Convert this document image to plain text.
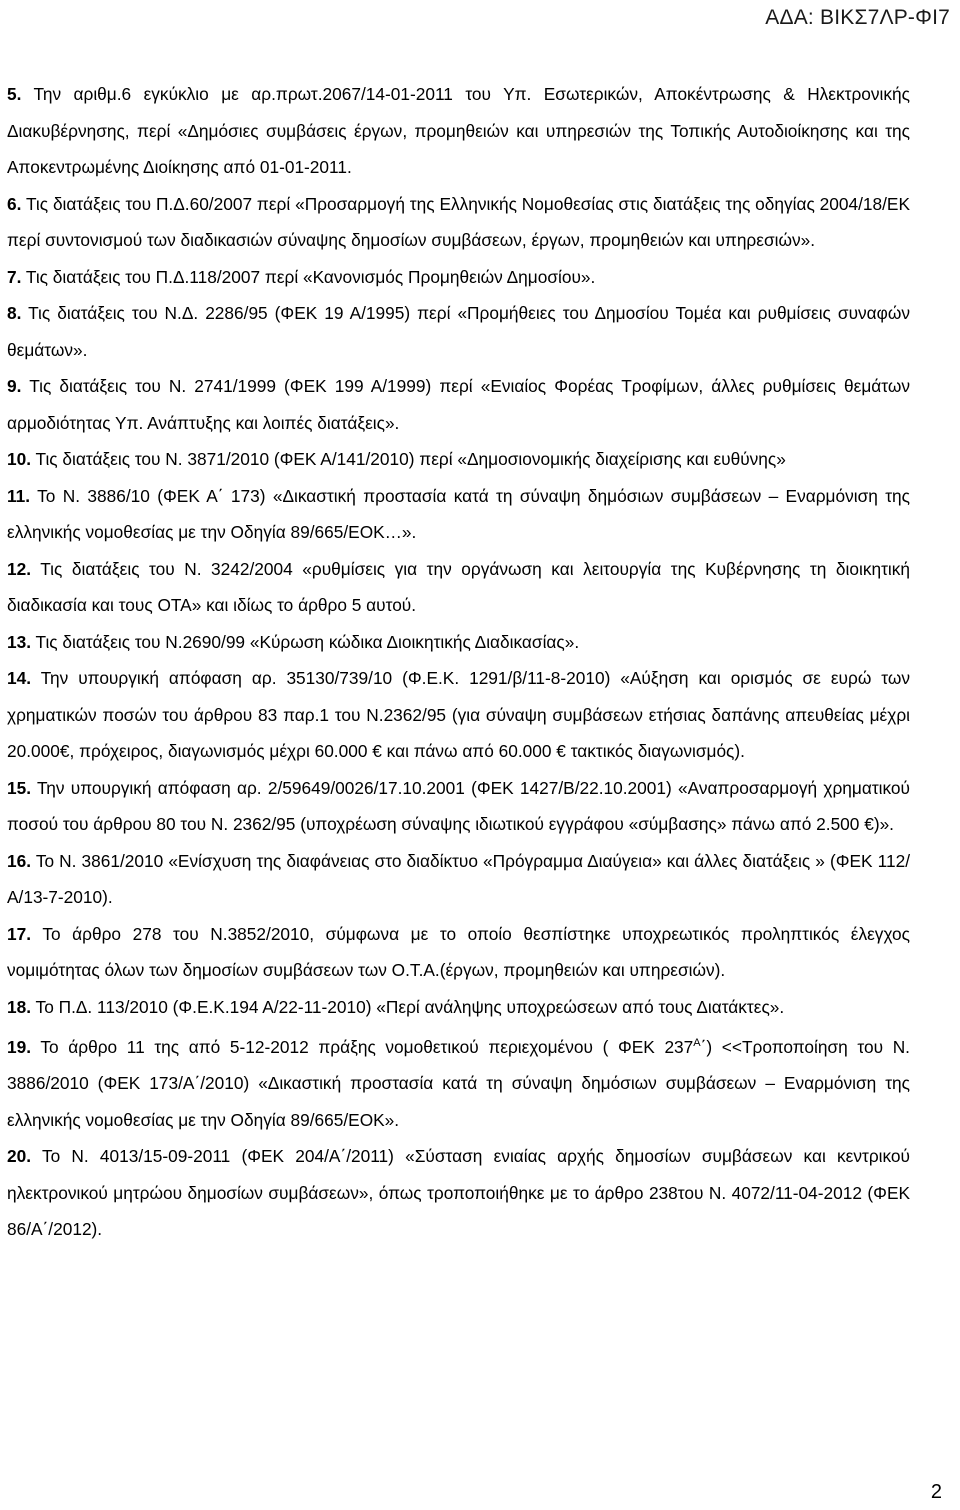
ΑΔΑ: ΒΙΚΣ7ΛΡ-ΦΙ7

5. Την αριθμ.6 εγκύκλιο με αρ.πρωτ.2067/14-01-2011 του Υπ. Εσωτερικών, Αποκέντρωσης & Ηλεκτρονικής Διακυβέρνησης, περί «Δημόσιες συμβάσεις έργων, προμηθειών και υπηρεσιών της Τοπικής Αυτοδιοίκησης και της Αποκεντρωμένης Διοίκησης από 01-01-2011.

6. Τις διατάξεις του Π.Δ.60/2007 περί «Προσαρμογή της Ελληνικής Νομοθεσίας στις διατάξεις της οδηγίας 2004/18/ΕΚ περί συντονισμού των διαδικασιών σύναψης δημοσίων συμβάσεων, έργων, προμηθειών και υπηρεσιών».

7. Τις διατάξεις του Π.Δ.118/2007 περί «Κανονισμός Προμηθειών Δημοσίου».

8. Τις διατάξεις του Ν.Δ. 2286/95 (ΦΕΚ 19 Α/1995) περί «Προμήθειες του Δημοσίου Τομέα και ρυθμίσεις συναφών θεμάτων».

9. Τις διατάξεις του Ν. 2741/1999 (ΦΕΚ 199 Α/1999) περί «Ενιαίος Φορέας Τροφίμων, άλλες ρυθμίσεις θεμάτων αρμοδιότητας Υπ. Ανάπτυξης και λοιπές διατάξεις».

10. Τις διατάξεις του Ν. 3871/2010 (ΦΕΚ Α/141/2010) περί «Δημοσιονομικής διαχείρισης και ευθύνης»

11. Το Ν. 3886/10 (ΦΕΚ Α΄ 173) «Δικαστική προστασία κατά τη σύναψη δημόσιων συμβάσεων – Εναρμόνιση της ελληνικής νομοθεσίας με την Οδηγία 89/665/ΕΟΚ…».

12. Τις διατάξεις του Ν. 3242/2004 «ρυθμίσεις για την οργάνωση και λειτουργία της Κυβέρνησης τη διοικητική διαδικασία και τους ΟΤΑ» και ιδίως το άρθρο 5 αυτού.

13. Τις διατάξεις του Ν.2690/99 «Κύρωση κώδικα Διοικητικής Διαδικασίας».

14. Την υπουργική απόφαση αρ. 35130/739/10 (Φ.Ε.Κ. 1291/β/11-8-2010) «Αύξηση και ορισμός σε ευρώ των χρηματικών ποσών του άρθρου 83 παρ.1 του Ν.2362/95 (για σύναψη συμβάσεων ετήσιας δαπάνης απευθείας μέχρι 20.000€, πρόχειρος, διαγωνισμός μέχρι 60.000 € και πάνω από 60.000 € τακτικός διαγωνισμός).

15. Την υπουργική απόφαση αρ. 2/59649/0026/17.10.2001 (ΦΕΚ 1427/Β/22.10.2001) «Αναπροσαρμογή χρηματικού ποσού του άρθρου 80 του Ν. 2362/95 (υποχρέωση σύναψης ιδιωτικού εγγράφου «σύμβασης» πάνω από 2.500 €)».

16. Το Ν. 3861/2010 «Ενίσχυση της διαφάνειας στο διαδίκτυο «Πρόγραμμα Διαύγεια» και άλλες διατάξεις » (ΦΕΚ 112/Α/13-7-2010).

17. Το άρθρο 278 του Ν.3852/2010, σύμφωνα με το οποίο θεσπίστηκε υποχρεωτικός προληπτικός έλεγχος νομιμότητας όλων των δημοσίων συμβάσεων των Ο.Τ.Α.(έργων, προμηθειών και υπηρεσιών).

18. Το Π.Δ. 113/2010 (Φ.Ε.Κ.194 Α/22-11-2010) «Περί ανάληψης υποχρεώσεων από τους Διατάκτες».

19. Το άρθρο 11 της από 5-12-2012 πράξης νομοθετικού περιεχομένου ( ΦΕΚ $237^A΄) <<T\rho o\pi o\pi oί\eta\sigma\eta$ του Ν. 3886/2010 (ΦΕΚ 173/Α΄/2010) «Δικαστική προστασία κατά τη σύναψη δημόσιων συμβάσεων – Εναρμόνιση της ελληνικής νομοθεσίας με την Οδηγία 89/665/ΕΟΚ».

20. Το Ν. 4013/15-09-2011 (ΦΕΚ 204/Α΄/2011) «Σύσταση ενιαίας αρχής δημοσίων συμβάσεων και κεντρικού ηλεκτρονικού μητρώου δημοσίων συμβάσεων», όπως τροποποιήθηκε με το άρθρο 238του Ν. 4072/11-04-2012 (ΦΕΚ 86/Α΄/2012).

2
